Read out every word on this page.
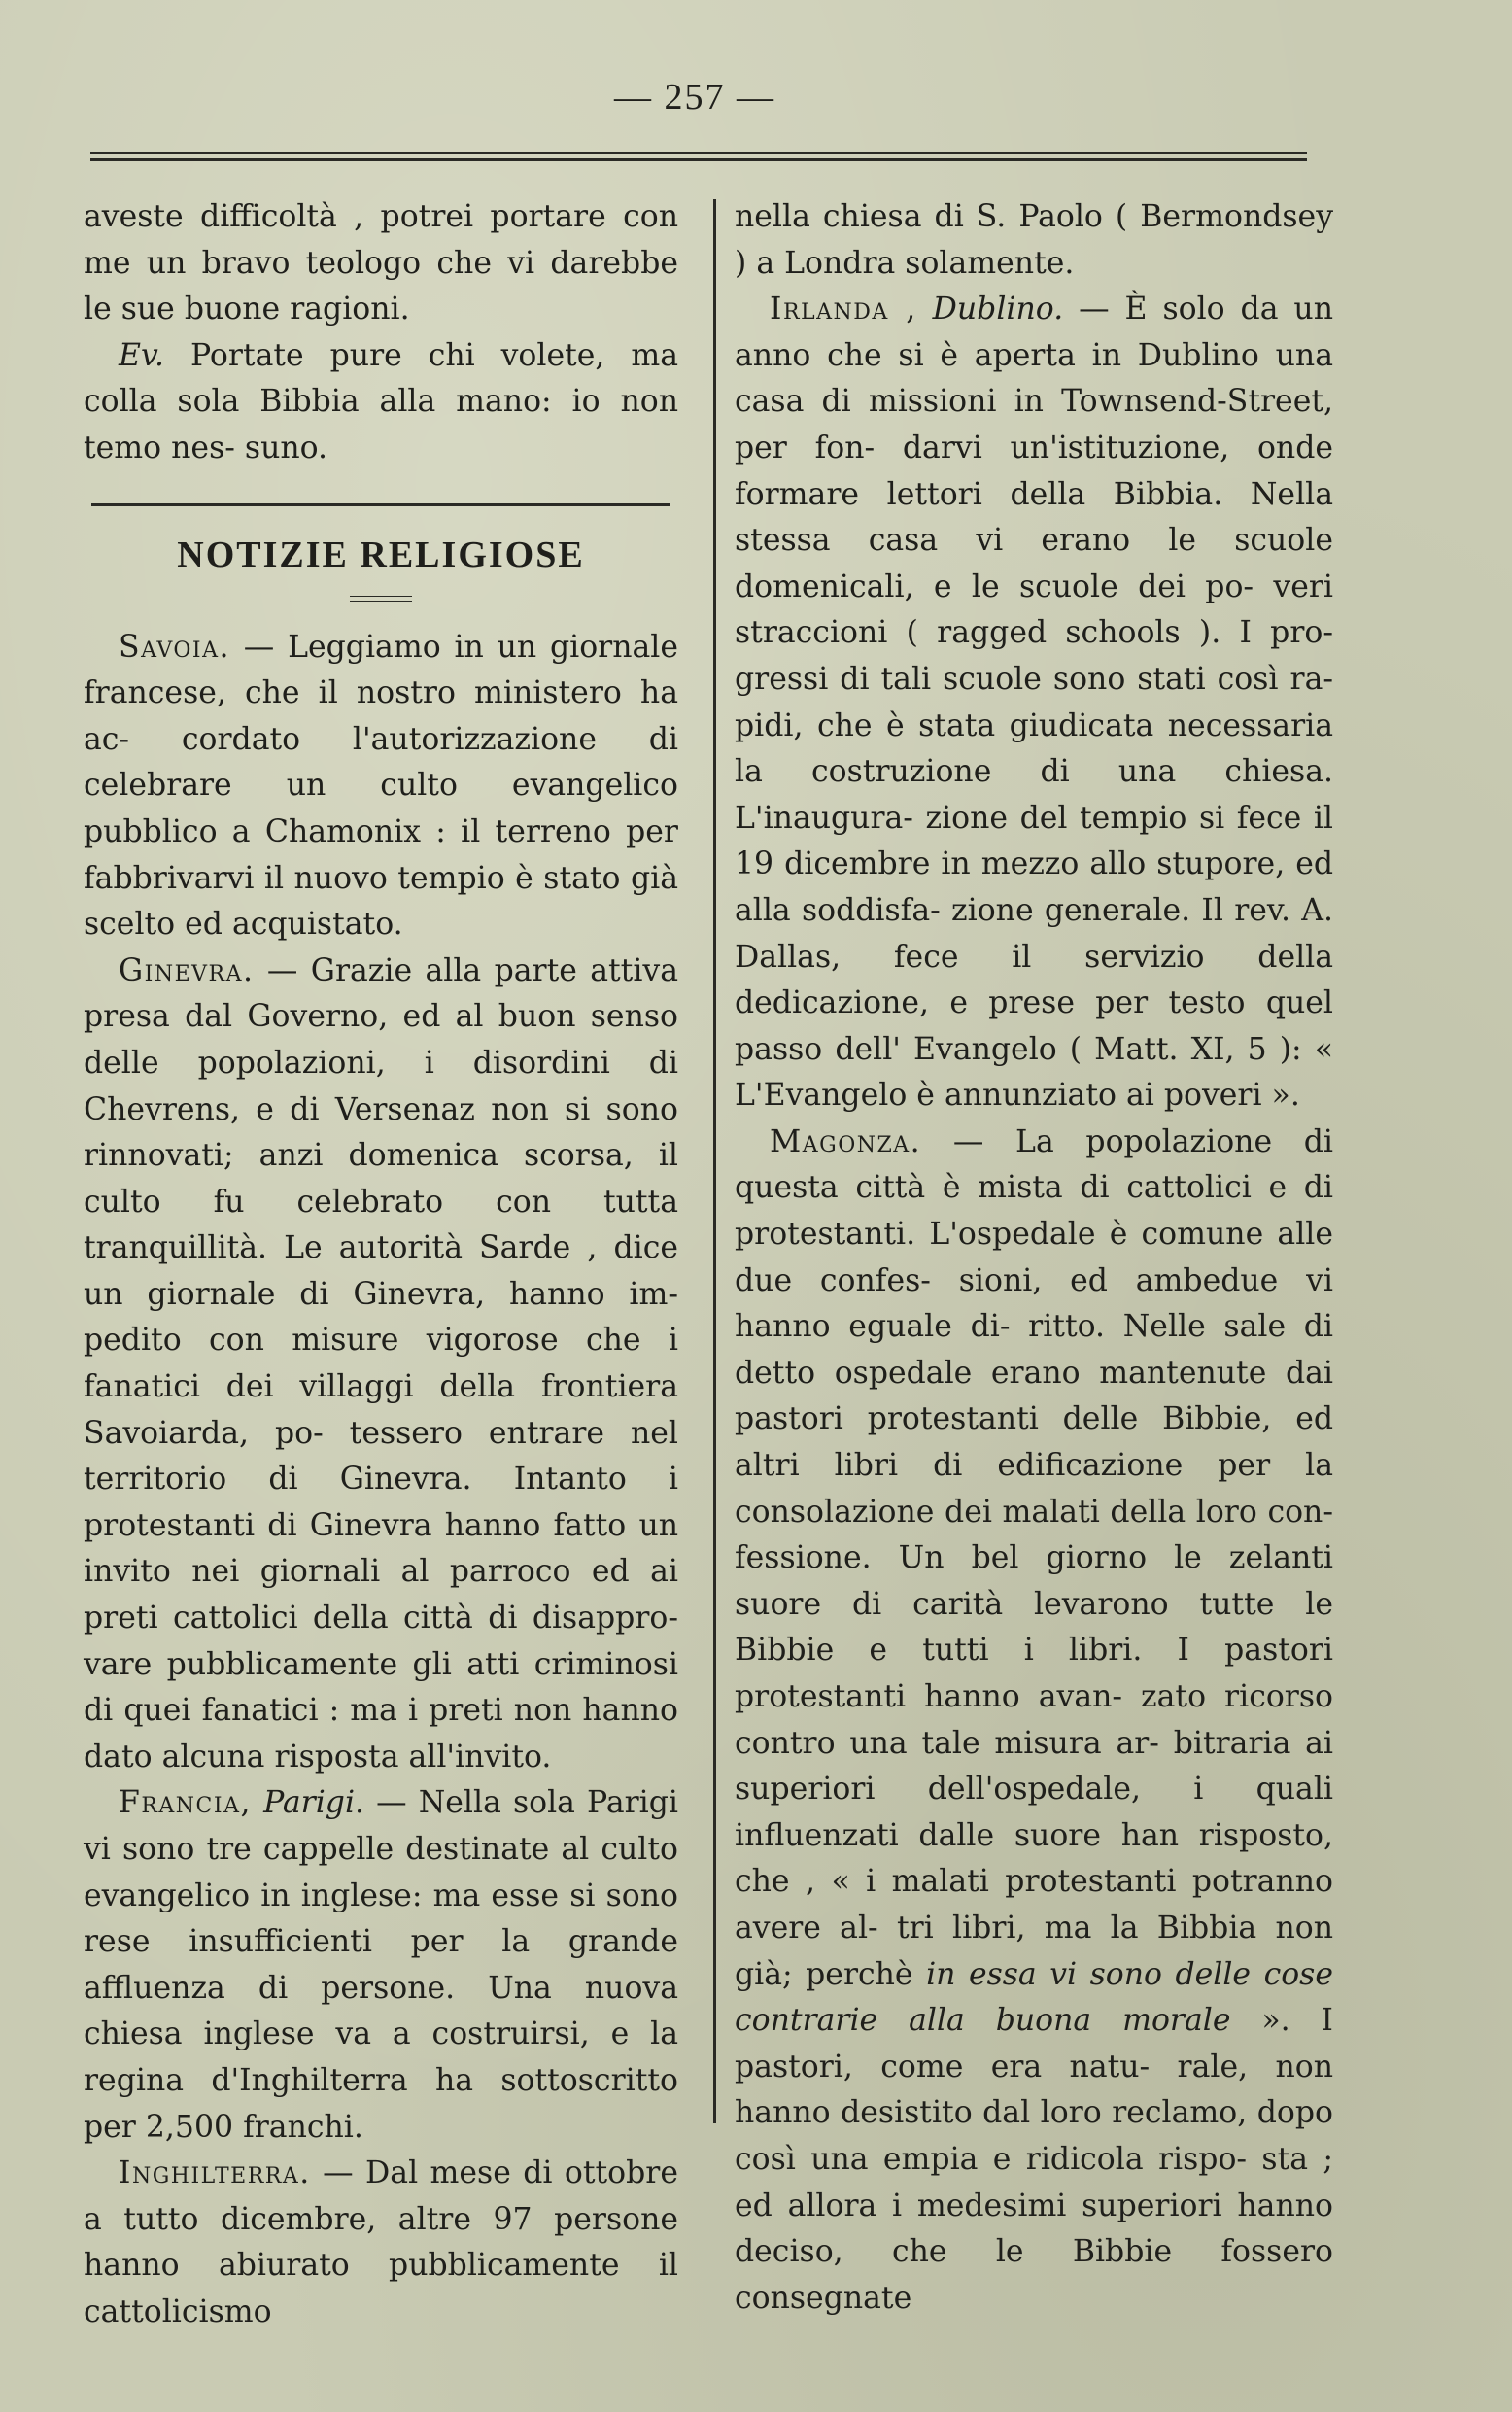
— 257 —

aveste difficoltà , potrei portare con me un bravo teologo che vi darebbe le sue buone ragioni.

Ev. Portate pure chi volete, ma colla sola Bibbia alla mano: io non temo nes- suno.

NOTIZIE RELIGIOSE

Savoia. — Leggiamo in un giornale francese, che il nostro ministero ha ac- cordato l'autorizzazione di celebrare un culto evangelico pubblico a Chamonix : il terreno per fabbrivarvi il nuovo tempio è stato già scelto ed acquistato.

Ginevra. — Grazie alla parte attiva presa dal Governo, ed al buon senso delle popolazioni, i disordini di Chevrens, e di Versenaz non si sono rinnovati; anzi domenica scorsa, il culto fu celebrato con tutta tranquillità. Le autorità Sarde , dice un giornale di Ginevra, hanno im- pedito con misure vigorose che i fanatici dei villaggi della frontiera Savoiarda, po- tessero entrare nel territorio di Ginevra. Intanto i protestanti di Ginevra hanno fatto un invito nei giornali al parroco ed ai preti cattolici della città di disappro- vare pubblicamente gli atti criminosi di quei fanatici : ma i preti non hanno dato alcuna risposta all'invito.

Francia, Parigi. — Nella sola Parigi vi sono tre cappelle destinate al culto evangelico in inglese: ma esse si sono rese insufficienti per la grande affluenza di persone. Una nuova chiesa inglese va a costruirsi, e la regina d'Inghilterra ha sottoscritto per 2,500 franchi.

Inghilterra. — Dal mese di ottobre a tutto dicembre, altre 97 persone hanno abiurato pubblicamente il cattolicismo

nella chiesa di S. Paolo ( Bermondsey ) a Londra solamente.

Irlanda , Dublino. — È solo da un anno che si è aperta in Dublino una casa di missioni in Townsend-Street, per fon- darvi un'istituzione, onde formare lettori della Bibbia. Nella stessa casa vi erano le scuole domenicali, e le scuole dei po- veri straccioni ( ragged schools ). I pro- gressi di tali scuole sono stati così ra- pidi, che è stata giudicata necessaria la costruzione di una chiesa. L'inaugura- zione del tempio si fece il 19 dicembre in mezzo allo stupore, ed alla soddisfa- zione generale. Il rev. A. Dallas, fece il servizio della dedicazione, e prese per testo quel passo dell' Evangelo ( Matt. XI, 5 ): « L'Evangelo è annunziato ai poveri ».

Magonza. — La popolazione di questa città è mista di cattolici e di protestanti. L'ospedale è comune alle due confes- sioni, ed ambedue vi hanno eguale di- ritto. Nelle sale di detto ospedale erano mantenute dai pastori protestanti delle Bibbie, ed altri libri di edificazione per la consolazione dei malati della loro con- fessione. Un bel giorno le zelanti suore di carità levarono tutte le Bibbie e tutti i libri. I pastori protestanti hanno avan- zato ricorso contro una tale misura ar- bitraria ai superiori dell'ospedale, i quali influenzati dalle suore han risposto, che , « i malati protestanti potranno avere al- tri libri, ma la Bibbia non già; perchè in essa vi sono delle cose contrarie alla buona morale ». I pastori, come era natu- rale, non hanno desistito dal loro reclamo, dopo così una empia e ridicola rispo- sta ; ed allora i medesimi superiori hanno deciso, che le Bibbie fossero consegnate
